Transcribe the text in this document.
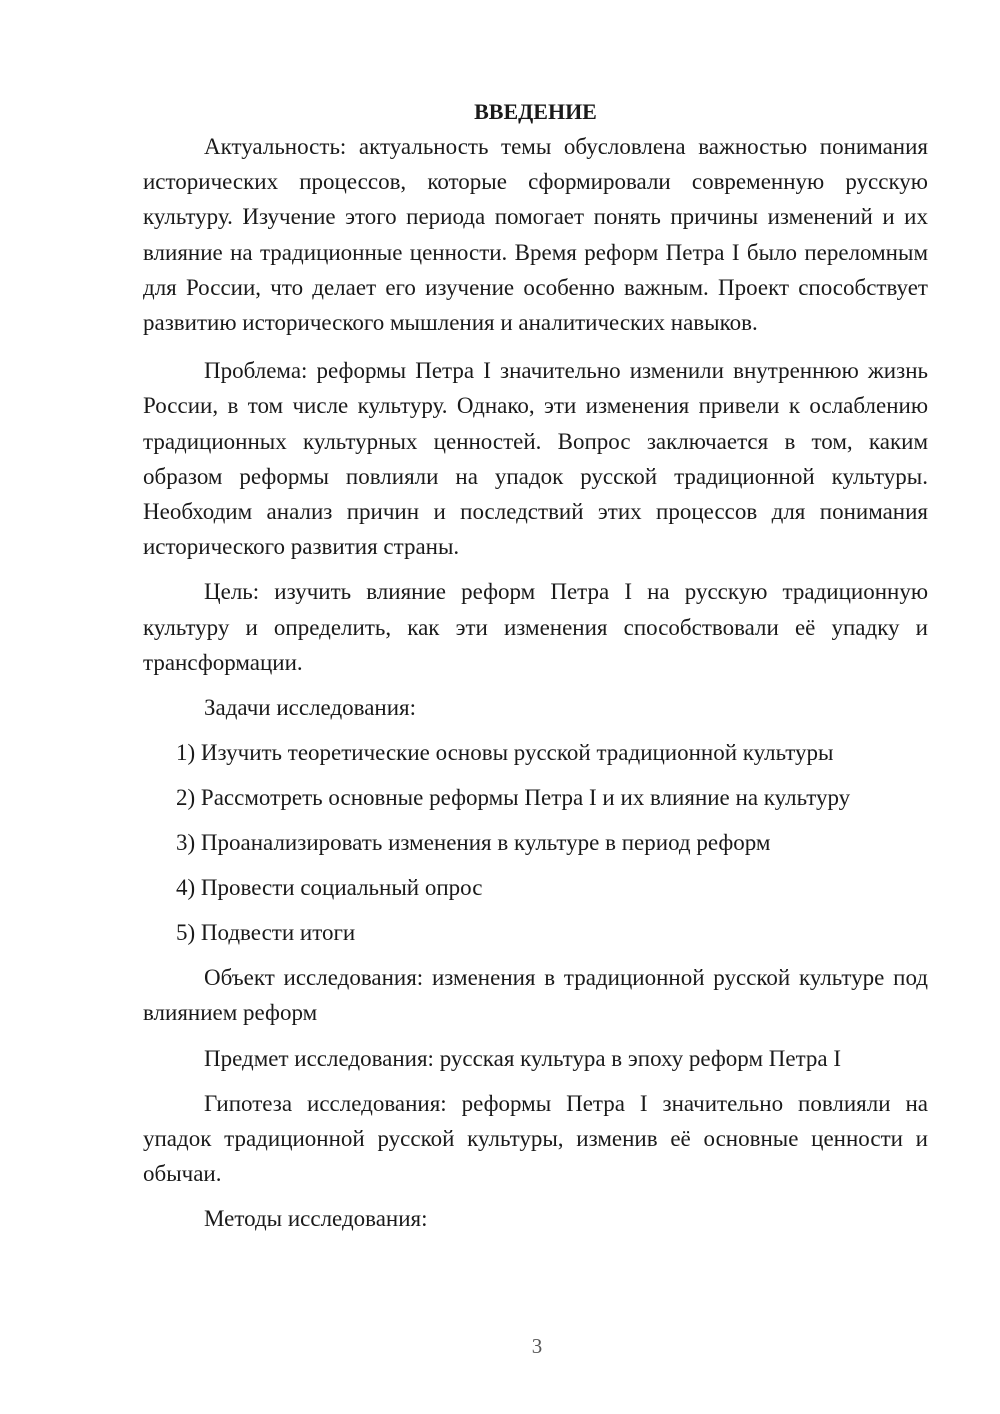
ВВЕДЕНИЕ

Актуальность: актуальность темы обусловлена важностью понимания исторических процессов, которые сформировали современную русскую культуру. Изучение этого периода помогает понять причины изменений и их влияние на традиционные ценности. Время реформ Петра I было переломным для России, что делает его изучение особенно важным. Проект способствует развитию исторического мышления и аналитических навыков.

Проблема: реформы Петра I значительно изменили внутреннюю жизнь России, в том числе культуру. Однако, эти изменения привели к ослаблению традиционных культурных ценностей. Вопрос заключается в том, каким образом реформы повлияли на упадок русской традиционной культуры. Необходим анализ причин и последствий этих процессов для понимания исторического развития страны.

Цель: изучить влияние реформ Петра I на русскую традиционную культуру и определить, как эти изменения способствовали её упадку и трансформации.

Задачи исследования:

1) Изучить теоретические основы русской традиционной культуры
2) Рассмотреть основные реформы Петра I и их влияние на культуру
3) Проанализировать изменения в культуре в период реформ
4) Провести социальный опрос
5) Подвести итоги

Объект исследования: изменения в традиционной русской культуре под влиянием реформ

Предмет исследования: русская культура в эпоху реформ Петра I

Гипотеза исследования: реформы Петра I значительно повлияли на упадок традиционной русской культуры, изменив её основные ценности и обычаи.

Методы исследования:

3
